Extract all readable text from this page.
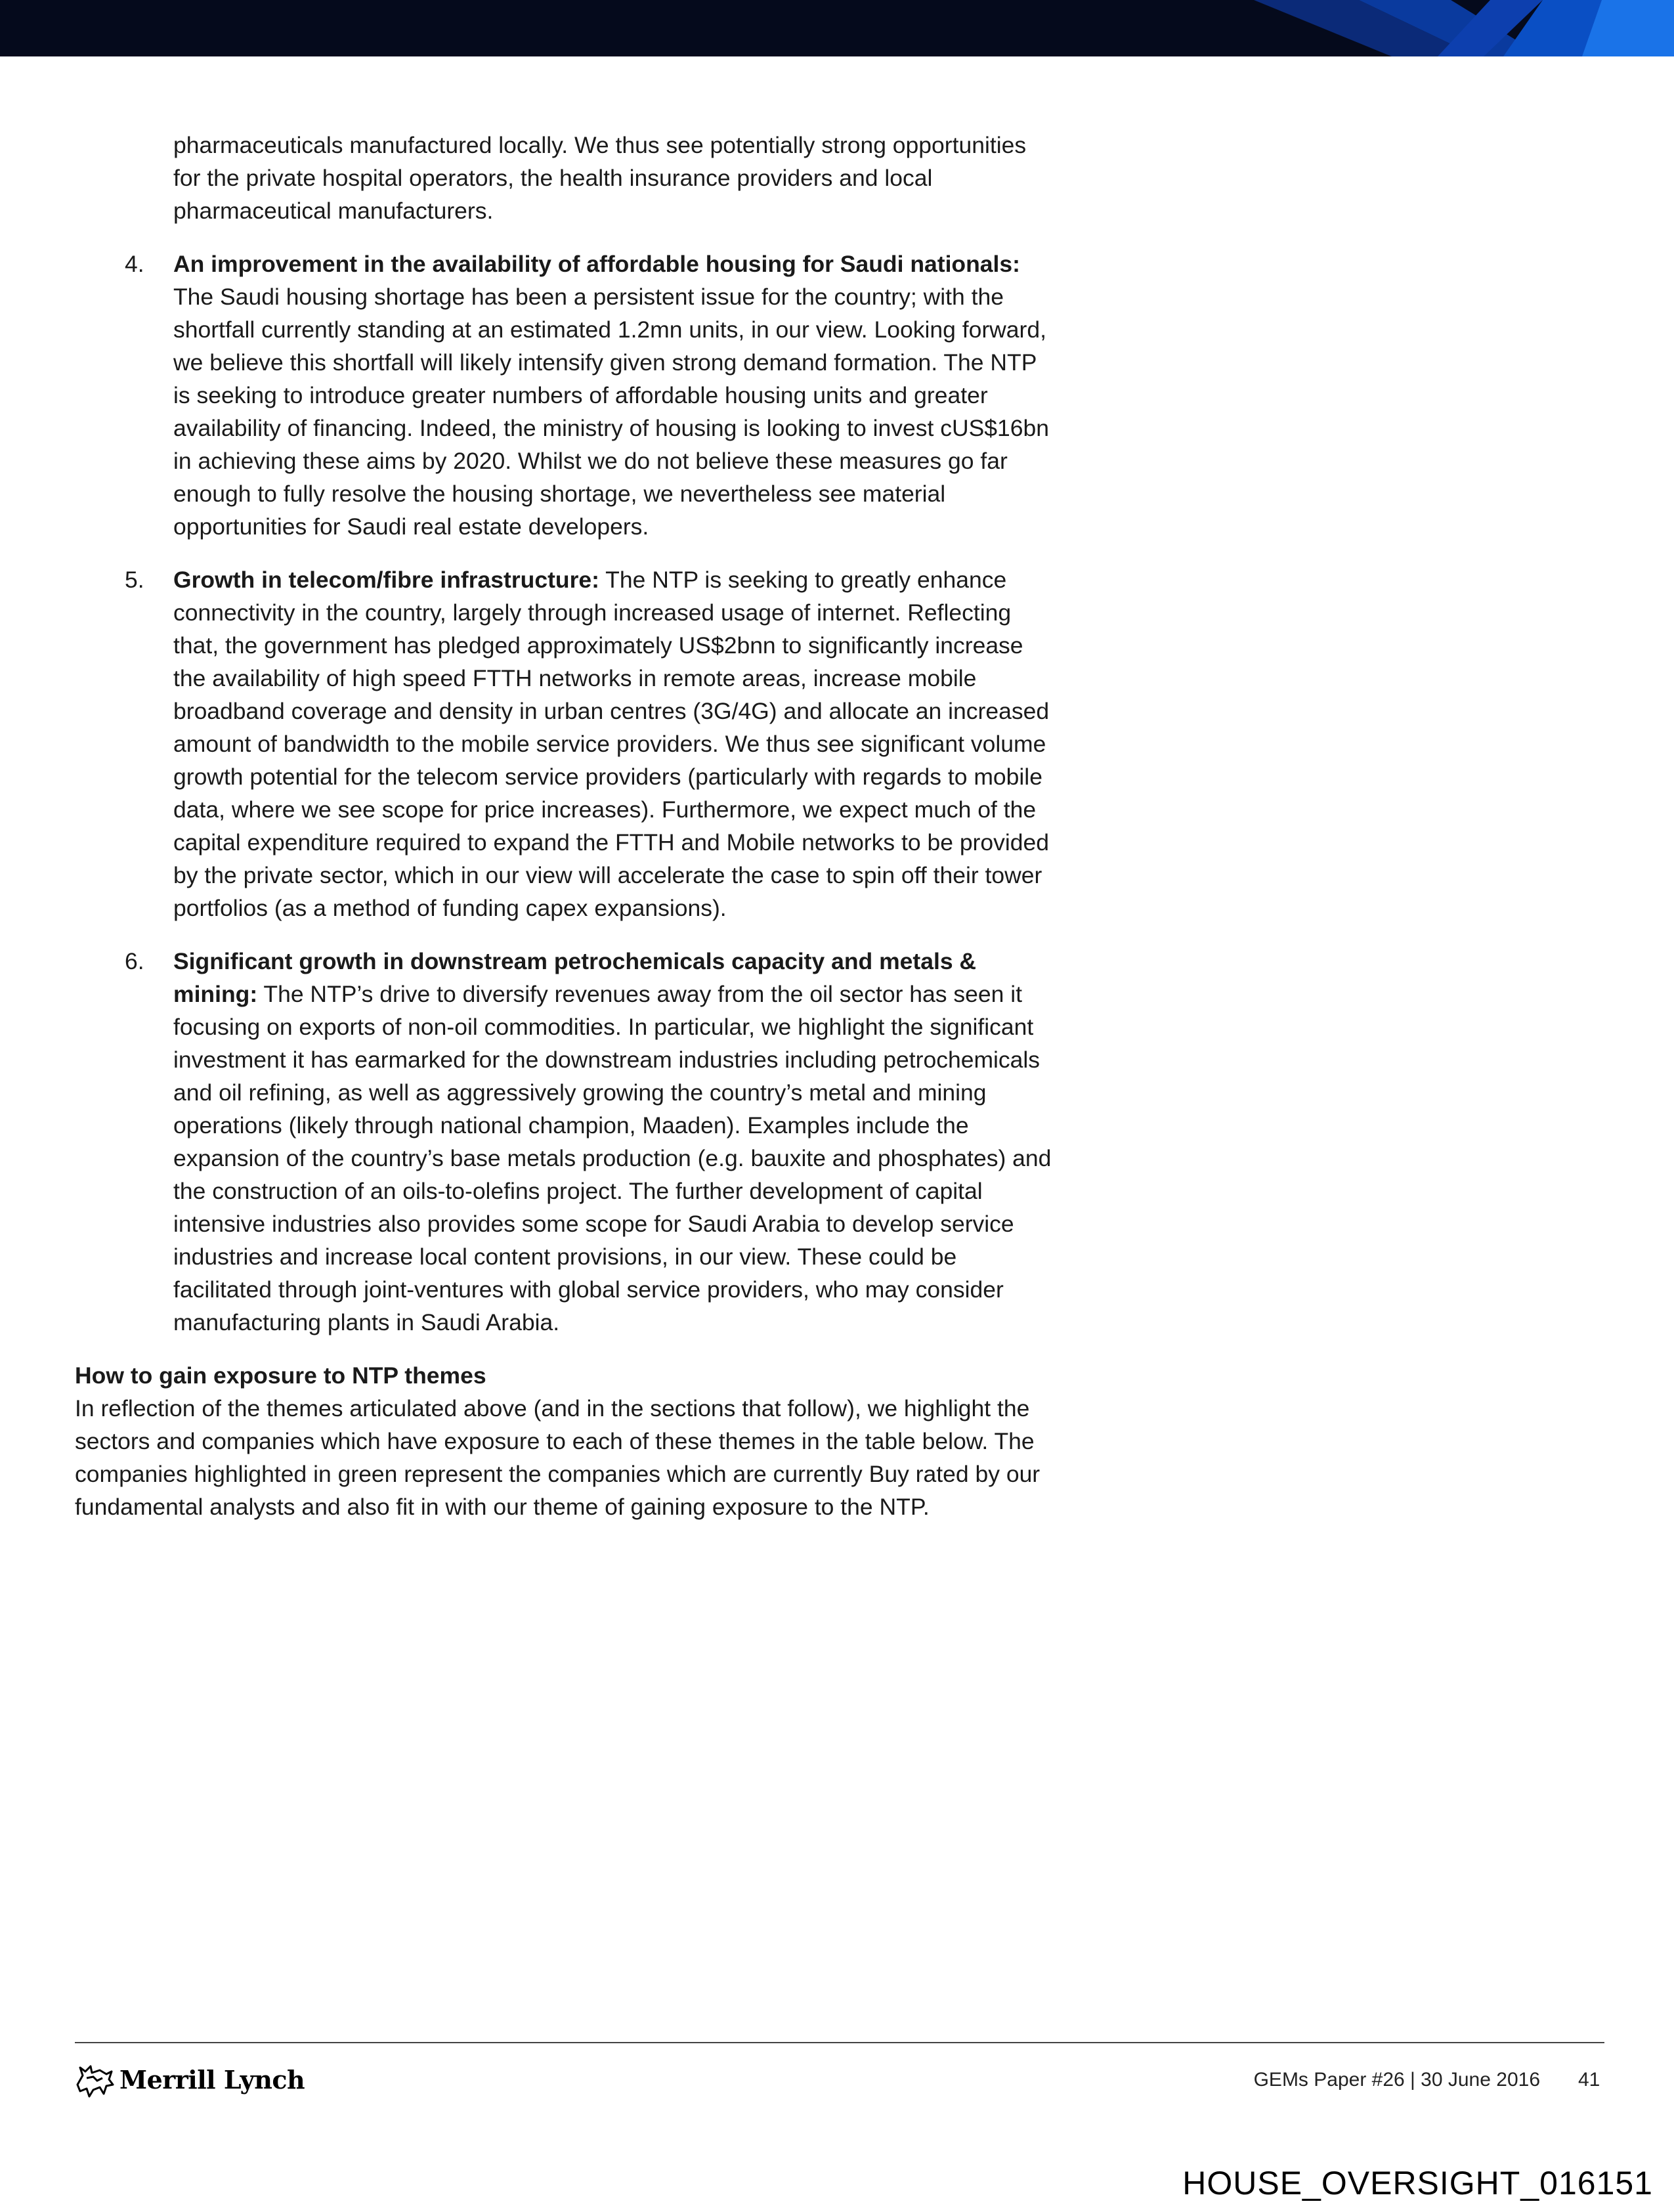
pharmaceuticals manufactured locally. We thus see potentially strong opportunities for the private hospital operators, the health insurance providers and local pharmaceutical manufacturers.
4. An improvement in the availability of affordable housing for Saudi nationals: The Saudi housing shortage has been a persistent issue for the country; with the shortfall currently standing at an estimated 1.2mn units, in our view. Looking forward, we believe this shortfall will likely intensify given strong demand formation. The NTP is seeking to introduce greater numbers of affordable housing units and greater availability of financing. Indeed, the ministry of housing is looking to invest cUS$16bn in achieving these aims by 2020. Whilst we do not believe these measures go far enough to fully resolve the housing shortage, we nevertheless see material opportunities for Saudi real estate developers.
5. Growth in telecom/fibre infrastructure: The NTP is seeking to greatly enhance connectivity in the country, largely through increased usage of internet. Reflecting that, the government has pledged approximately US$2bnn to significantly increase the availability of high speed FTTH networks in remote areas, increase mobile broadband coverage and density in urban centres (3G/4G) and allocate an increased amount of bandwidth to the mobile service providers. We thus see significant volume growth potential for the telecom service providers (particularly with regards to mobile data, where we see scope for price increases). Furthermore, we expect much of the capital expenditure required to expand the FTTH and Mobile networks to be provided by the private sector, which in our view will accelerate the case to spin off their tower portfolios (as a method of funding capex expansions).
6. Significant growth in downstream petrochemicals capacity and metals & mining: The NTP’s drive to diversify revenues away from the oil sector has seen it focusing on exports of non-oil commodities. In particular, we highlight the significant investment it has earmarked for the downstream industries including petrochemicals and oil refining, as well as aggressively growing the country’s metal and mining operations (likely through national champion, Maaden). Examples include the expansion of the country’s base metals production (e.g. bauxite and phosphates) and the construction of an oils-to-olefins project. The further development of capital intensive industries also provides some scope for Saudi Arabia to develop service industries and increase local content provisions, in our view. These could be facilitated through joint-ventures with global service providers, who may consider manufacturing plants in Saudi Arabia.

How to gain exposure to NTP themes

In reflection of the themes articulated above (and in the sections that follow), we highlight the sectors and companies which have exposure to each of these themes in the table below. The companies highlighted in green represent the companies which are currently Buy rated by our fundamental analysts and also fit in with our theme of gaining exposure to the NTP.

Merrill Lynch	GEMs Paper #26 | 30 June 2016 41
HOUSE_OVERSIGHT_016151
